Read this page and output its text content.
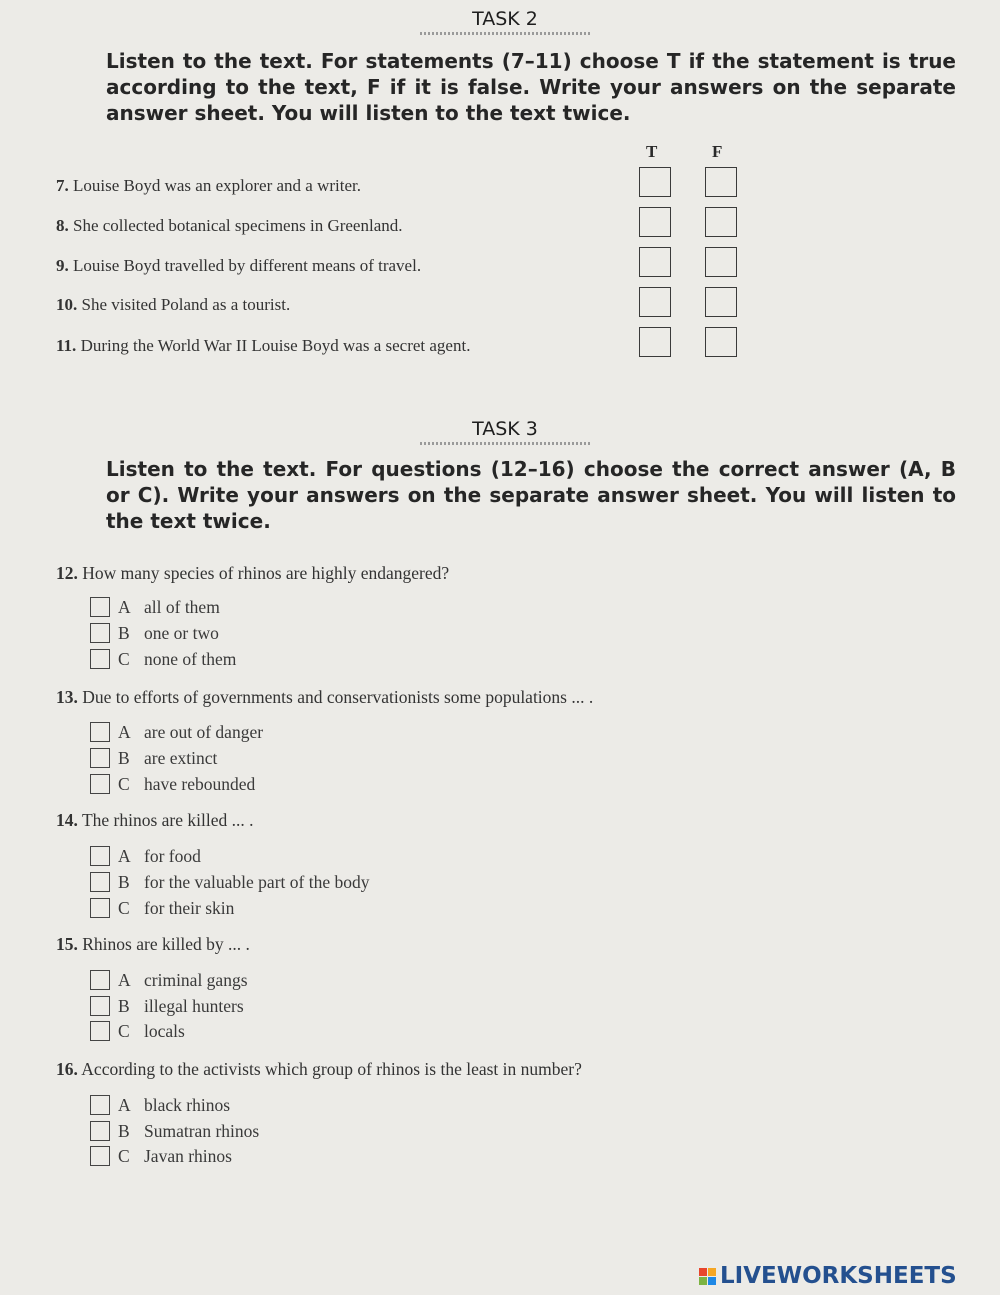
TASK 2
Listen to the text. For statements (7–11) choose T if the statement is true according to the text, F if it is false. Write your answers on the separate answer sheet. You will listen to the text twice.
T	F
7. Louise Boyd was an explorer and a writer.
8. She collected botanical specimens in Greenland.
9. Louise Boyd travelled by different means of travel.
10. She visited Poland as a tourist.
11. During the World War II Louise Boyd was a secret agent.
TASK 3
Listen to the text. For questions (12–16) choose the correct answer (A, B or C). Write your answers on the separate answer sheet. You will listen to the text twice.
12. How many species of rhinos are highly endangered?
A all of them
B one or two
C none of them
13. Due to efforts of governments and conservationists some populations ... .
A are out of danger
B are extinct
C have rebounded
14. The rhinos are killed ... .
A for food
B for the valuable part of the body
C for their skin
15. Rhinos are killed by ... .
A criminal gangs
B illegal hunters
C locals
16. According to the activists which group of rhinos is the least in number?
A black rhinos
B Sumatran rhinos
C Javan rhinos
LIVEWORKSHEETS
